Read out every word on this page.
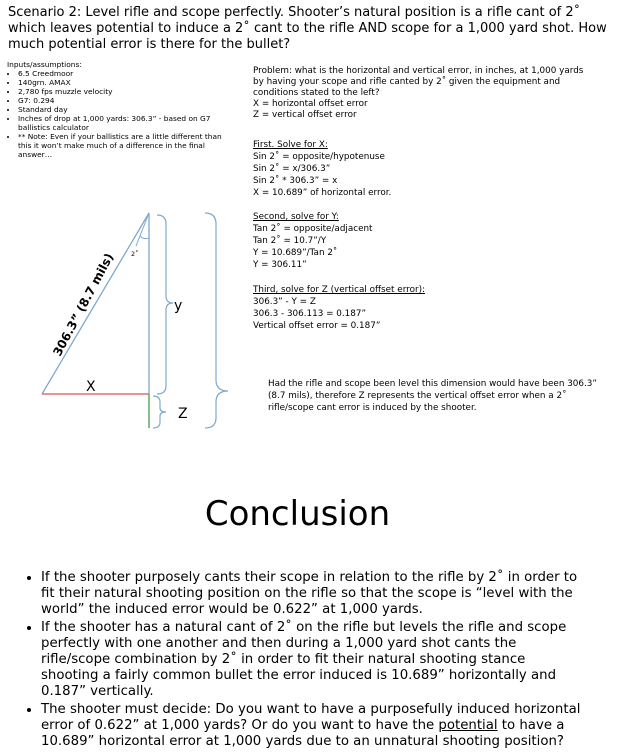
Scenario 2: Level rifle and scope perfectly. Shooter’s natural position is a rifle cant of 2˚ which leaves potential to induce a 2˚ cant to the rifle AND scope for a 1,000 yard shot. How much potential error is there for the bullet?
Inputs/assumptions:
• 6.5 Creedmoor
• 140grn. AMAX
• 2,780 fps muzzle velocity
• G7: 0.294
• Standard day
• Inches of drop at 1,000 yards: 306.3” - based on G7 ballistics calculator
• ** Note: Even if your ballistics are a little different than this it won’t make much of a difference in the final answer…
Problem: what is the horizontal and vertical error, in inches, at 1,000 yards by having your scope and rifle canted by 2˚ given the equipment and conditions stated to the left?
X = horizontal offset error
Z = vertical offset error
First. Solve for X:
Sin 2˚ = opposite/hypotenuse
Sin 2˚ = x/306.3”
Sin 2˚ * 306.3” = x
X = 10.689” of horizontal error.
Second, solve for Y:
Tan 2˚ = opposite/adjacent
Tan 2˚ = 10.7”/Y
Y = 10.689”/Tan 2˚
Y = 306.11”
Third, solve for Z (vertical offset error):
306.3” - Y = Z
306.3 - 306.113 = 0.187”
Vertical offset error = 0.187”
306.3” (8.7 mils) 2˚
X
y
Z
Had the rifle and scope been level this dimension would have been 306.3” (8.7 mils), therefore Z represents the vertical offset error when a 2˚ rifle/scope cant error is induced by the shooter.
Conclusion
• If the shooter purposely cants their scope in relation to the rifle by 2˚ in order to fit their natural shooting position on the rifle so that the scope is “level with the world” the induced error would be 0.622” at 1,000 yards.
• If the shooter has a natural cant of 2˚ on the rifle but levels the rifle and scope perfectly with one another and then during a 1,000 yard shot cants the rifle/scope combination by 2˚ in order to fit their natural shooting stance shooting a fairly common bullet the error induced is 10.689” horizontally and 0.187” vertically.
• The shooter must decide: Do you want to have a purposefully induced horizontal error of 0.622” at 1,000 yards? Or do you want to have the potential to have a 10.689” horizontal error at 1,000 yards due to an unnatural shooting position?
